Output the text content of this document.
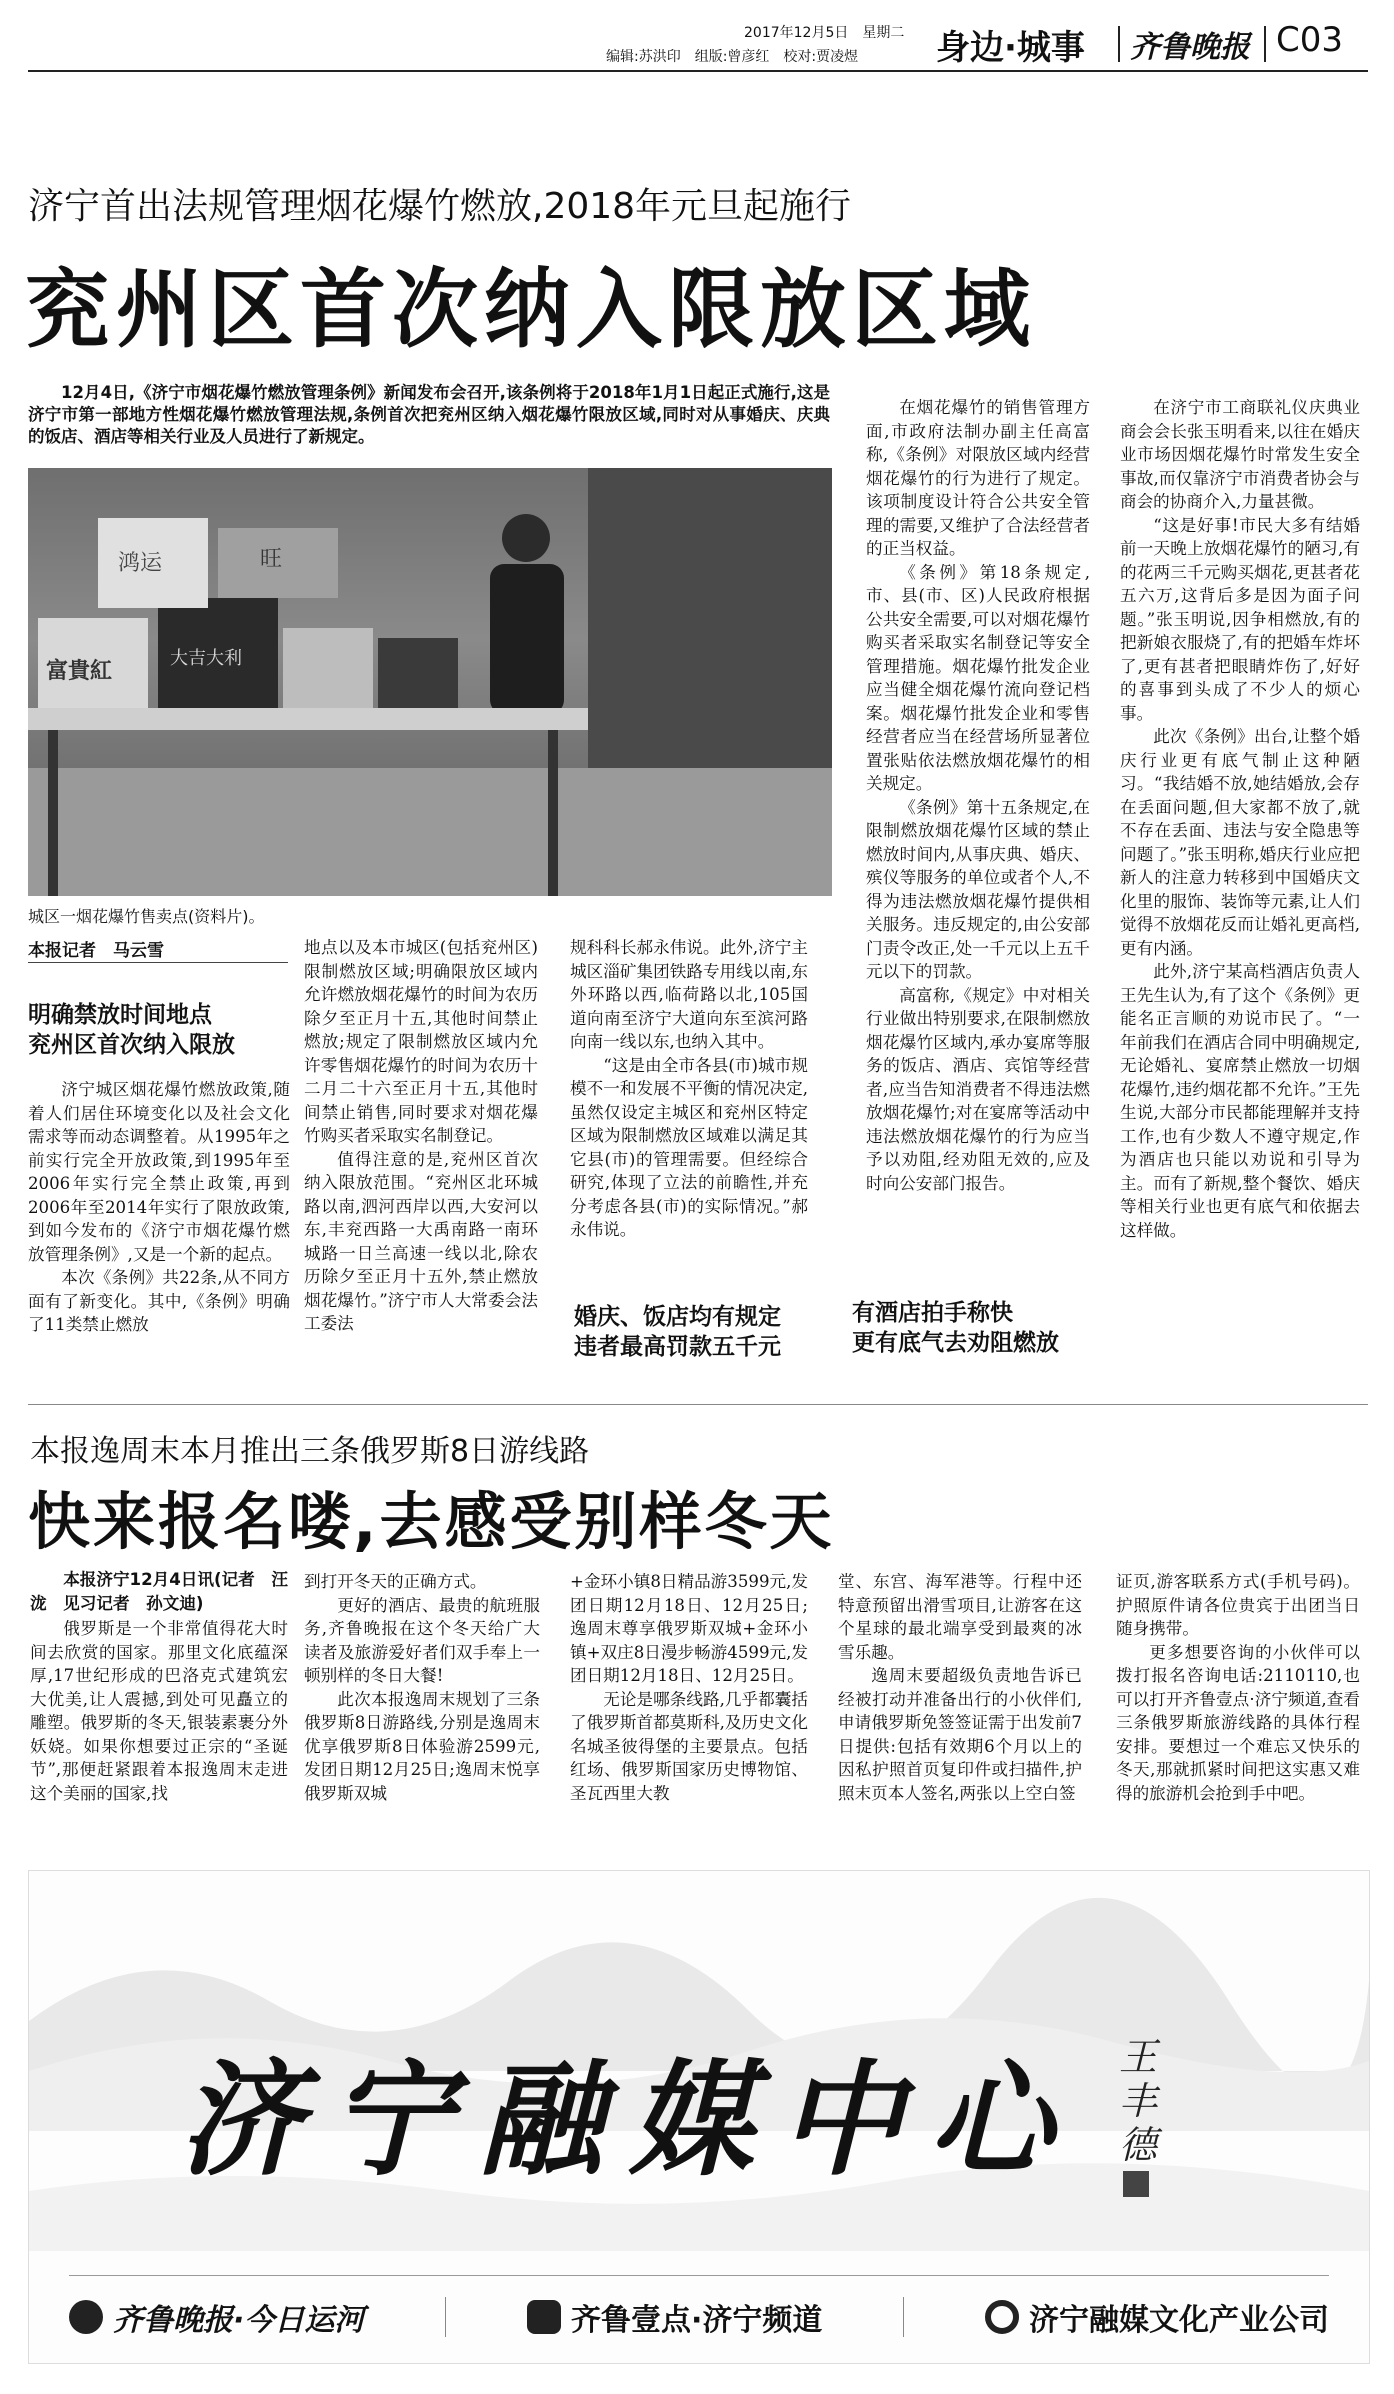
2017年12月5日　星期二
编辑:苏洪印　组版:曾彦红　校对:贾凌煜 身边·城事 齐鲁晚报 C03
济宁首出法规管理烟花爆竹燃放,2018年元旦起施行
兖州区首次纳入限放区域
12月4日,《济宁市烟花爆竹燃放管理条例》新闻发布会召开,该条例将于2018年1月1日起正式施行,这是济宁市第一部地方性烟花爆竹燃放管理法规,条例首次把兖州区纳入烟花爆竹限放区域,同时对从事婚庆、庆典的饭店、酒店等相关行业及人员进行了新规定。
富貴紅	大吉大利
鸿运	旺
城区一烟花爆竹售卖点(资料片)。
本报记者　马云雪
明确禁放时间地点
兖州区首次纳入限放

济宁城区烟花爆竹燃放政策,随着人们居住环境变化以及社会文化需求等而动态调整着。从1995年之前实行完全开放政策,到1995年至2006年实行完全禁止政策,再到2006年至2014年实行了限放政策,到如今发布的《济宁市烟花爆竹燃放管理条例》,又是一个新的起点。

本次《条例》共22条,从不同方面有了新变化。其中,《条例》明确了11类禁止燃放

地点以及本市城区(包括兖州区)限制燃放区域;明确限放区域内允许燃放烟花爆竹的时间为农历除夕至正月十五,其他时间禁止燃放;规定了限制燃放区域内允许零售烟花爆竹的时间为农历十二月二十六至正月十五,其他时间禁止销售,同时要求对烟花爆竹购买者采取实名制登记。

值得注意的是,兖州区首次纳入限放范围。“兖州区北环城路以南,泗河西岸以西,大安河以东,丰兖西路一大禹南路一南环城路一日兰高速一线以北,除农历除夕至正月十五外,禁止燃放烟花爆竹。”济宁市人大常委会法工委法

规科科长郝永伟说。此外,济宁主城区淄矿集团铁路专用线以南,东外环路以西,临荷路以北,105国道向南至济宁大道向东至滨河路向南一线以东,也纳入其中。

“这是由全市各县(市)城市规模不一和发展不平衡的情况决定,虽然仅设定主城区和兖州区特定区域为限制燃放区域难以满足其它县(市)的管理需要。但经综合研究,体现了立法的前瞻性,并充分考虑各县(市)的实际情况。”郝永伟说。

婚庆、饭店均有规定
违者最高罚款五千元

在烟花爆竹的销售管理方面,市政府法制办副主任高富称,《条例》对限放区域内经营烟花爆竹的行为进行了规定。该项制度设计符合公共安全管理的需要,又维护了合法经营者的正当权益。

《条例》第18条规定,市、县(市、区)人民政府根据公共安全需要,可以对烟花爆竹购买者采取实名制登记等安全管理措施。烟花爆竹批发企业应当健全烟花爆竹流向登记档案。烟花爆竹批发企业和零售经营者应当在经营场所显著位置张贴依法燃放烟花爆竹的相关规定。

《条例》第十五条规定,在限制燃放烟花爆竹区域的禁止燃放时间内,从事庆典、婚庆、殡仪等服务的单位或者个人,不得为违法燃放烟花爆竹提供相关服务。违反规定的,由公安部门责令改正,处一千元以上五千元以下的罚款。

高富称,《规定》中对相关行业做出特别要求,在限制燃放烟花爆竹区域内,承办宴席等服务的饭店、酒店、宾馆等经营者,应当告知消费者不得违法燃放烟花爆竹;对在宴席等活动中违法燃放烟花爆竹的行为应当予以劝阻,经劝阻无效的,应及时向公安部门报告。

有酒店拍手称快
更有底气去劝阻燃放

在济宁市工商联礼仪庆典业商会会长张玉明看来,以往在婚庆业市场因烟花爆竹时常发生安全事故,而仅靠济宁市消费者协会与商会的协商介入,力量甚微。

“这是好事!市民大多有结婚前一天晚上放烟花爆竹的陋习,有的花两三千元购买烟花,更甚者花五六万,这背后多是因为面子问题。”张玉明说,因争相燃放,有的把新娘衣服烧了,有的把婚车炸坏了,更有甚者把眼睛炸伤了,好好的喜事到头成了不少人的烦心事。

此次《条例》出台,让整个婚庆行业更有底气制止这种陋习。“我结婚不放,她结婚放,会存在丢面问题,但大家都不放了,就不存在丢面、违法与安全隐患等问题了。”张玉明称,婚庆行业应把新人的注意力转移到中国婚庆文化里的服饰、装饰等元素,让人们觉得不放烟花反而让婚礼更高档,更有内涵。

此外,济宁某高档酒店负责人王先生认为,有了这个《条例》更能名正言顺的劝说市民了。“一年前我们在酒店合同中明确规定,无论婚礼、宴席禁止燃放一切烟花爆竹,违约烟花都不允许。”王先生说,大部分市民都能理解并支持工作,也有少数人不遵守规定,作为酒店也只能以劝说和引导为主。而有了新规,整个餐饮、婚庆等相关行业也更有底气和依据去这样做。

本报逸周末本月推出三条俄罗斯8日游线路
快来报名喽,去感受别样冬天
本报济宁12月4日讯(记者　汪泷　见习记者　孙文迪)

俄罗斯是一个非常值得花大时间去欣赏的国家。那里文化底蕴深厚,17世纪形成的巴洛克式建筑宏大优美,让人震撼,到处可见矗立的雕塑。俄罗斯的冬天,银装素裹分外妖娆。如果你想要过正宗的“圣诞节”,那便赶紧跟着本报逸周末走进这个美丽的国家,找

到打开冬天的正确方式。

更好的酒店、最贵的航班服务,齐鲁晚报在这个冬天给广大读者及旅游爱好者们双手奉上一顿别样的冬日大餐!

此次本报逸周末规划了三条俄罗斯8日游路线,分别是逸周末优享俄罗斯8日体验游2599元,发团日期12月25日;逸周末悦享俄罗斯双城

+金环小镇8日精品游3599元,发团日期12月18日、12月25日;逸周末尊享俄罗斯双城+金环小镇+双庄8日漫步畅游4599元,发团日期12月18日、12月25日。

无论是哪条线路,几乎都囊括了俄罗斯首都莫斯科,及历史文化名城圣彼得堡的主要景点。包括红场、俄罗斯国家历史博物馆、圣瓦西里大教

堂、东宫、海军港等。行程中还特意预留出滑雪项目,让游客在这个星球的最北端享受到最爽的冰雪乐趣。

逸周末要超级负责地告诉已经被打动并准备出行的小伙伴们,申请俄罗斯免签签证需于出发前7日提供:包括有效期6个月以上的因私护照首页复印件或扫描件,护照末页本人签名,两张以上空白签

证页,游客联系方式(手机号码)。护照原件请各位贵宾于出团当日随身携带。

更多想要咨询的小伙伴可以拨打报名咨询电话:2110110,也可以打开齐鲁壹点·济宁频道,查看三条俄罗斯旅游线路的具体行程安排。要想过一个难忘又快乐的冬天,那就抓紧时间把这实惠又难得的旅游机会抢到手中吧。

济宁融媒中心 王丰德
齐鲁晚报·今日运河	齐鲁壹点·济宁频道	济宁融媒文化产业公司
